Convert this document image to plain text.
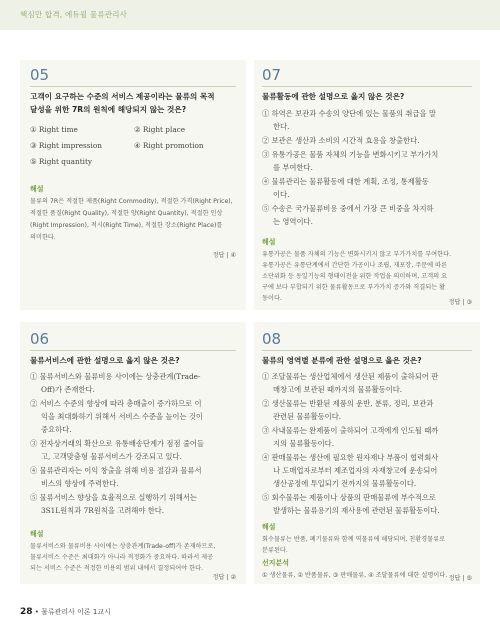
핵심만 합격, 에듀윌 물류관리사
05
고객이 요구하는 수준의 서비스 제공이라는 물류의 목적
달성을 위한 7R의 원칙에 해당되지 않는 것은?
① Right time	② Right place
③ Right impression	④ Right promotion
⑤ Right quantity
해설
물류의 7R은 적절한 제품(Right Commodity), 적절한 가격(Right Price),
적절한 품질(Right Quality), 적절한 양(Right Quantity), 적절한 인상
(Right Impression), 적시(Right Time), 적절한 장소(Right Place)를
의미한다.
정답 | ④
07
물류활동에 관한 설명으로 옳지 않은 것은?
① 하역은 보관과 수송의 양단에 있는 물품의 취급을 말
한다.
② 보관은 생산과 소비의 시간적 효용을 창출한다.
③ 유통가공은 물품 자체의 기능을 변화시키고 부가가치
를 부여한다.
④ 물류관리는 물류활동에 대한 계획, 조정, 통제활동
이다.
⑤ 수송은 국가물류비용 중에서 가장 큰 비중을 차지하
는 영역이다.
해설
유통가공은 물품 자체의 기능은 변화시키지 않고 부가가치를 부여한다.
유통가공은 유통단계에서 간단한 가공이나 조립, 재포장, 주문에 따른
소단위화 등 동일기능의 형태이전을 위한 작업을 의미하며, 고객의 요
구에 보다 부합되기 위한 물류활동으로 부가가치 증가와 직결되는 활
동이다.
정답 | ③
06
물류서비스에 관한 설명으로 옳지 않은 것은?
① 물류서비스와 물류비용 사이에는 상충관계(Trade-
Off)가 존재한다.
② 서비스 수준의 향상에 따라 총매출이 증가하므로 이
익을 최대화하기 위해서 서비스 수준을 높이는 것이
중요하다.
③ 전자상거래의 확산으로 유통배송단계가 점점 줄어들
고, 고객맞춤형 물류서비스가 강조되고 있다.
④ 물류관리자는 이익 창출을 위해 비용 절감과 물류서
비스의 향상에 주력한다.
⑤ 물류서비스 향상을 효율적으로 실행하기 위해서는
3S1L원칙과 7R원칙을 고려해야 한다.
해설
물류서비스와 물류비용 사이에는 상충관계(Trade-off)가 존재하므로,
물류서비스 수준은 최대화가 아니라 적정화가 중요하다. 따라서 제공
되는 서비스 수준은 적정한 비용의 범위 내에서 결정되어야 한다.
정답 | ②
08
물류의 영역별 분류에 관한 설명으로 옳은 것은?
① 조달물류는 생산업체에서 생산된 제품이 출하되어 판
매창고에 보관된 때까지의 물류활동이다.
② 생산물류는 반환된 제품의 운반, 분류, 정리, 보관과
관련된 물류활동이다.
③ 사내물류는 완제품이 출하되어 고객에게 인도될 때까
지의 물류활동이다.
④ 판매물류는 생산에 필요한 원자재나 부품이 협력회사
나 도매업자로부터 제조업자의 자재창고에 운송되어
생산공정에 투입되기 전까지의 물류활동이다.
⑤ 회수물류는 제품이나 상품의 판매물류에 부수적으로
발생하는 물류용기의 재사용에 관련된 물류활동이다.
해설
회수물류는 반품, 폐기물류와 함께 역물류에 해당되며, 친환경물류로
분류된다.
선지분석
① 생산물류, ② 반품물류, ③ 판매물류, ④ 조달물류에 대한 설명이다. 정답 | ⑤
28 • 물류관리사 이론 1교시
